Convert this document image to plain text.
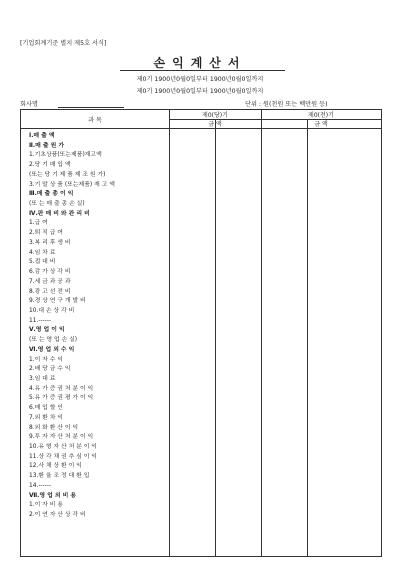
[기업회계기준 별지 제5호 서식]
손익계산서
제0기 1900년0월0일부터 1900년0월0일까지
제0기 1900년0월0일부터 1900년0월0일까지
회사명	단위 : 원(천원 또는 백만원 등)
과 목
제0(당)기	제0(전)기
금 액	금 액
Ⅰ.매 출 액
Ⅱ.매 출 원 가
1.기초상품(또는제품)재고액
2.당 기 매 입 액
(또는 당 기 제 품 제 조 원 가)
3.기 말 상 품 (또는제품) 재 고 액
Ⅲ.매 출 총 이 익
(또 는 매 출 총 손 실)
Ⅳ.판 매 비 와 관 리 비
1.급 여
2.퇴 직 급 여
3.복 리 후 생 비
4.임 차 료
5.접 대 비
6.감 가 상 각 비
7.세 금 과 공 과
8.광 고 선 전 비
9.경 상 연 구 개 발 비
10.대 손 상 각 비
11.------
Ⅴ.영 업 이 익
(또 는 영 업 손 실)
Ⅵ.영 업 외 수 익
1.이 자 수 익
2.배 당 금 수 익
3.임 대 료
4.유 가 증 권 처 분 이 익
5.유 가 증 권 평 가 이 익
6.매 입 할 인
7.외 환 차 익
8.외 화 환 산 이 익
9.투 자 자 산 처 분 이 익
10.유 형 자 산 처 분 이 익
11.상 각 채 권 추 심 이 익
12.사 채 상 환 이 익
13.환 율 조 정 대 환 입
14.------
Ⅶ.영 업 외 비 용
1.이 자 비 용
2.이 연 자 산 상 각 비
